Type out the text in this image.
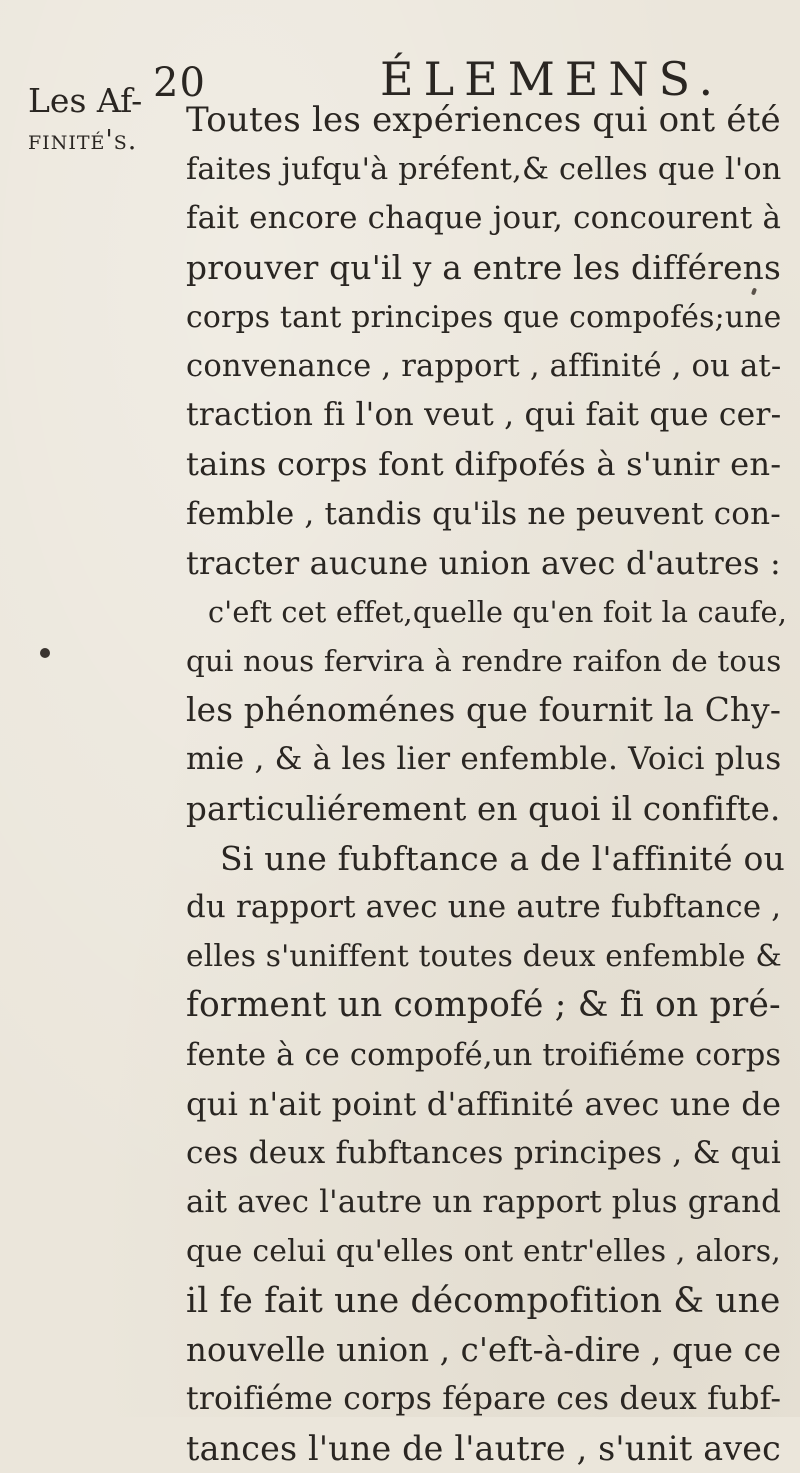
20	ÉLEMENS.
Les Af-
finité's.
Toutes les expériences qui ont été
faites jufqu'à préfent,& celles que l'on
fait encore chaque jour, concourent à
prouver qu'il y a entre les différens
corps tant principes que compofés;une
convenance , rapport , affinité , ou at-
traction fi l'on veut , qui fait que cer-
tains corps font difpofés à s'unir en-
femble , tandis qu'ils ne peuvent con-
tracter aucune union avec d'autres :
c'eft cet effet,quelle qu'en foit la caufe,
qui nous fervira à rendre raifon de tous
les phénoménes que fournit la Chy-
mie , & à les lier enfemble. Voici plus
particuliérement en quoi il confifte.
Si une fubftance a de l'affinité ou
du rapport avec une autre fubftance ,
elles s'uniffent toutes deux enfemble &
forment un compofé ; & fi on pré-
fente à ce compofé,un troifiéme corps
qui n'ait point d'affinité avec une de
ces deux fubftances principes , & qui
ait avec l'autre un rapport plus grand
que celui qu'elles ont entr'elles , alors,
il fe fait une décompofition & une
nouvelle union , c'eft-à-dire , que ce
troifiéme corps fépare ces deux fubf-
tances l'une de l'autre , s'unit avec
